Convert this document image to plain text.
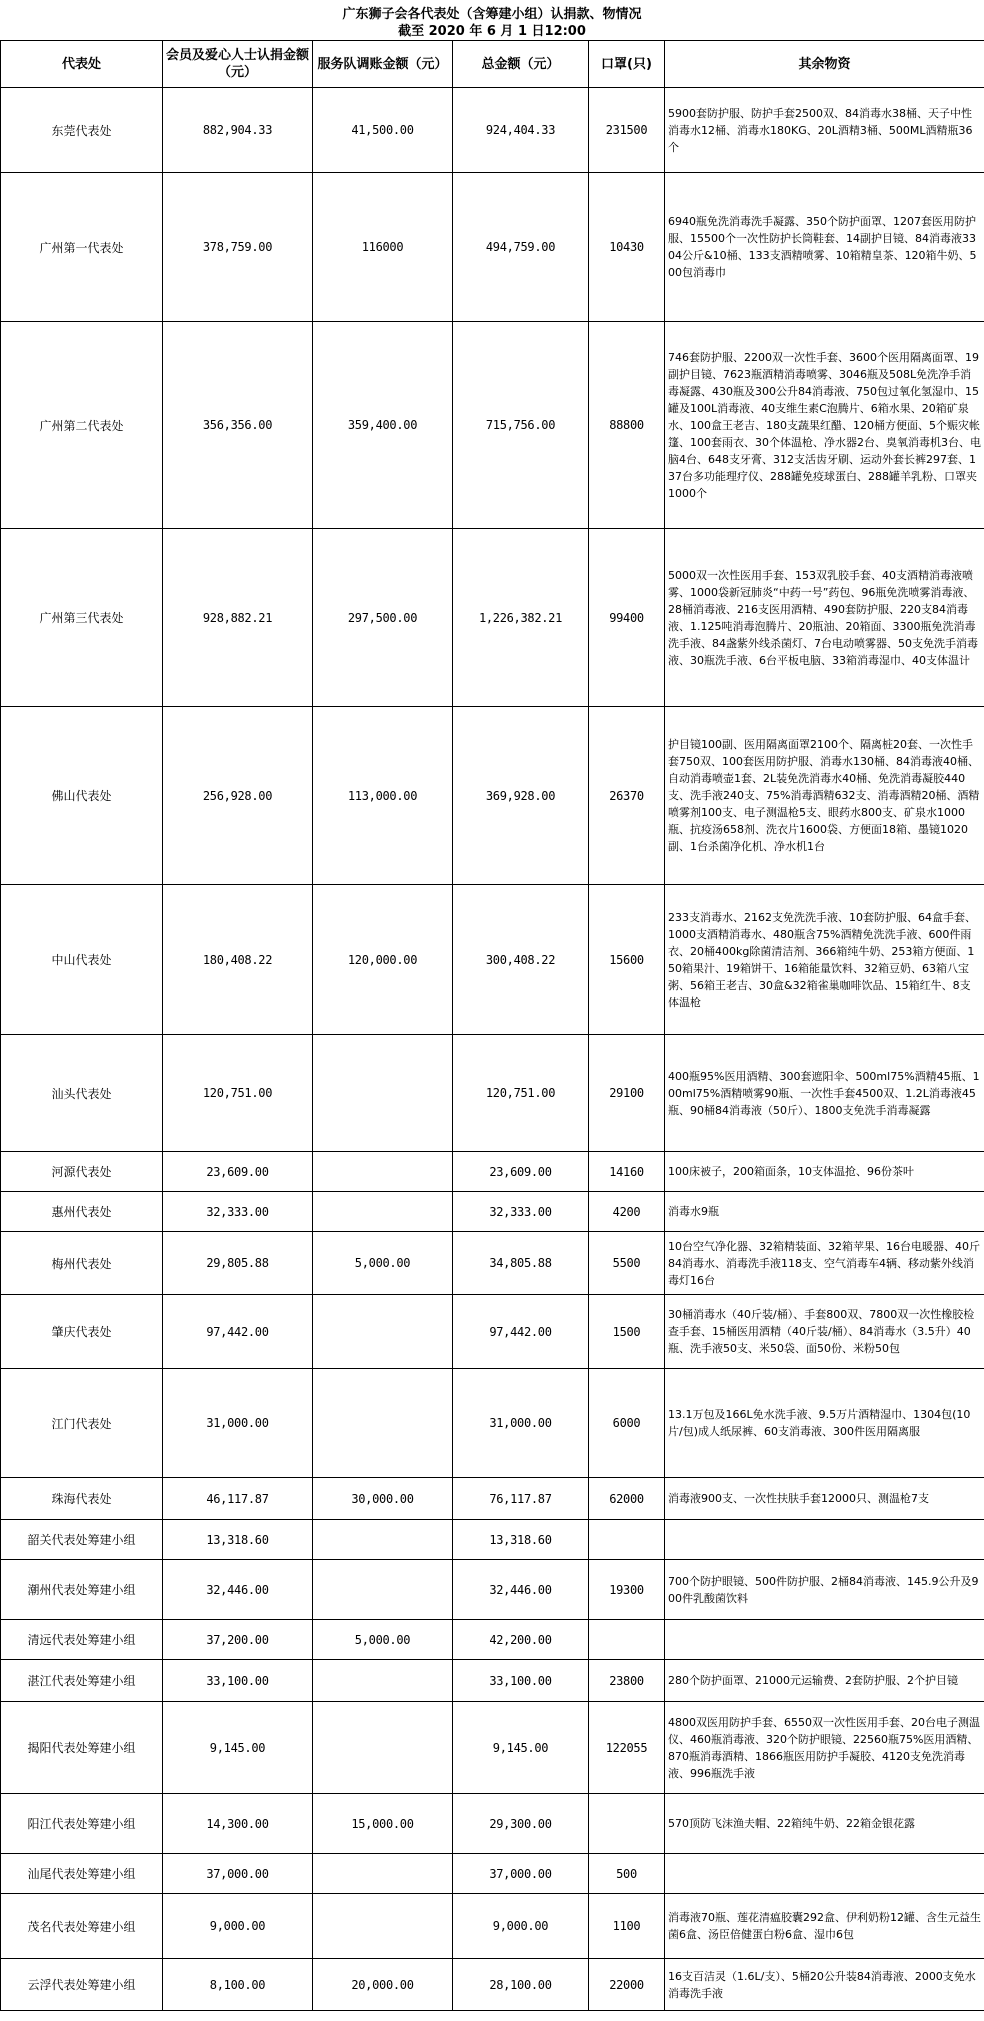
广东狮子会各代表处（含筹建小组）认捐款、物情况
截至 2020 年 6 月 1 日12:00
代表处	会员及爱心人士认捐金额（元）	服务队调账金额（元）	总金额（元）	口罩(只)	其余物资
东莞代表处	882,904.33	41,500.00	924,404.33	231500	5900套防护服、防护手套2500双、84消毒水38桶、天子中性消毒水12桶、消毒水180KG、20L酒精3桶、500ML酒精瓶36个
广州第一代表处	378,759.00	116000	494,759.00	10430	6940瓶免洗消毒洗手凝露、350个防护面罩、1207套医用防护服、15500个一次性防护长筒鞋套、14副护目镜、84消毒液3304公斤&10桶、133支酒精喷雾、10箱精皇茶、120箱牛奶、500包消毒巾
广州第二代表处	356,356.00	359,400.00	715,756.00	88800	746套防护服、2200双一次性手套、3600个医用隔离面罩、19副护目镜、7623瓶酒精消毒喷雾、3046瓶及508L免洗净手消毒凝露、430瓶及300公升84消毒液、750包过氧化氢湿巾、15罐及100L消毒液、40支维生素C泡腾片、6箱水果、20箱矿泉水、100盒王老吉、180支蔬果红醋、120桶方便面、5个赈灾帐篷、100套雨衣、30个体温枪、净水器2台、臭氧消毒机3台、电脑4台、648支牙膏、312支活齿牙刷、运动外套长裤297套、137台多功能理疗仪、288罐免疫球蛋白、288罐羊乳粉、口罩夹1000个
广州第三代表处	928,882.21	297,500.00	1,226,382.21	99400	5000双一次性医用手套、153双乳胶手套、40支酒精消毒液喷雾、1000袋新冠肺炎“中药一号”药包、96瓶免洗喷雾消毒液、28桶消毒液、216支医用酒精、490套防护服、220支84消毒液、1.125吨消毒泡腾片、20瓶油、20箱面、3300瓶免洗消毒洗手液、84盏紫外线杀菌灯、7台电动喷雾器、50支免洗手消毒液、30瓶洗手液、6台平板电脑、33箱消毒湿巾、40支体温计
佛山代表处	256,928.00	113,000.00	369,928.00	26370	护目镜100副、医用隔离面罩2100个、隔离桩20套、一次性手套750双、100套医用防护服、消毒水130桶、84消毒液40桶、自动消毒喷壶1套、2L装免洗消毒水40桶、免洗消毒凝胶440支、洗手液240支、75%消毒酒精632支、消毒酒精20桶、酒精喷雾剂100支、电子测温枪5支、眼药水800支、矿泉水1000瓶、抗疫汤658剂、洗衣片1600袋、方便面18箱、墨镜1020副、1台杀菌净化机、净水机1台
中山代表处	180,408.22	120,000.00	300,408.22	15600	233支消毒水、2162支免洗洗手液、10套防护服、64盒手套、1000支酒精消毒水、480瓶含75%酒精免洗洗手液、600件雨衣、20桶400kg除菌清洁剂、366箱纯牛奶、253箱方便面、150箱果汁、19箱饼干、16箱能量饮料、32箱豆奶、63箱八宝粥、56箱王老吉、30盒&32箱雀巢咖啡饮品、15箱红牛、8支体温枪
汕头代表处	120,751.00		120,751.00	29100	400瓶95%医用酒精、300套遮阳伞、500ml75%酒精45瓶、100ml75%酒精喷雾90瓶、一次性手套4500双、1.2L消毒液45瓶、90桶84消毒液（50斤）、1800支免洗手消毒凝露
河源代表处	23,609.00		23,609.00	14160	100床被子，200箱面条，10支体温抢、96份茶叶
惠州代表处	32,333.00		32,333.00	4200	消毒水9瓶
梅州代表处	29,805.88	5,000.00	34,805.88	5500	10台空气净化器、32箱精装面、32箱苹果、16台电暖器、40斤84消毒水、消毒洗手液118支、空气消毒车4辆、移动紫外线消毒灯16台
肇庆代表处	97,442.00		97,442.00	1500	30桶消毒水（40斤装/桶）、手套800双、7800双一次性橡胶检查手套、15桶医用酒精（40斤装/桶）、84消毒水（3.5升）40瓶、洗手液50支、米50袋、面50份、米粉50包
江门代表处	31,000.00		31,000.00	6000	13.1万包及166L免水洗手液、9.5万片酒精湿巾、1304包(10片/包)成人纸尿裤、60支消毒液、300件医用隔离服
珠海代表处	46,117.87	30,000.00	76,117.87	62000	消毒液900支、一次性扶肤手套12000只、测温枪7支
韶关代表处筹建小组	13,318.60		13,318.60		
潮州代表处筹建小组	32,446.00		32,446.00	19300	700个防护眼镜、500件防护服、2桶84消毒液、145.9公升及900件乳酸菌饮料
清远代表处筹建小组	37,200.00	5,000.00	42,200.00		
湛江代表处筹建小组	33,100.00		33,100.00	23800	280个防护面罩、21000元运输费、2套防护服、2个护目镜
揭阳代表处筹建小组	9,145.00		9,145.00	122055	4800双医用防护手套、6550双一次性医用手套、20台电子测温仪、460瓶消毒液、320个防护眼镜、22560瓶75%医用酒精、870瓶消毒酒精、1866瓶医用防护手凝胶、4120支免洗消毒液、996瓶洗手液
阳江代表处筹建小组	14,300.00	15,000.00	29,300.00		570顶防飞沫渔夫帽、22箱纯牛奶、22箱金银花露
汕尾代表处筹建小组	37,000.00		37,000.00	500	
茂名代表处筹建小组	9,000.00		9,000.00	1100	消毒液70瓶、莲花清瘟胶囊292盒、伊利奶粉12罐、含生元益生菌6盒、汤臣倍健蛋白粉6盒、湿巾6包
云浮代表处筹建小组	8,100.00	20,000.00	28,100.00	22000	16支百洁灵（1.6L/支）、5桶20公升装84消毒液、2000支免水消毒洗手液
